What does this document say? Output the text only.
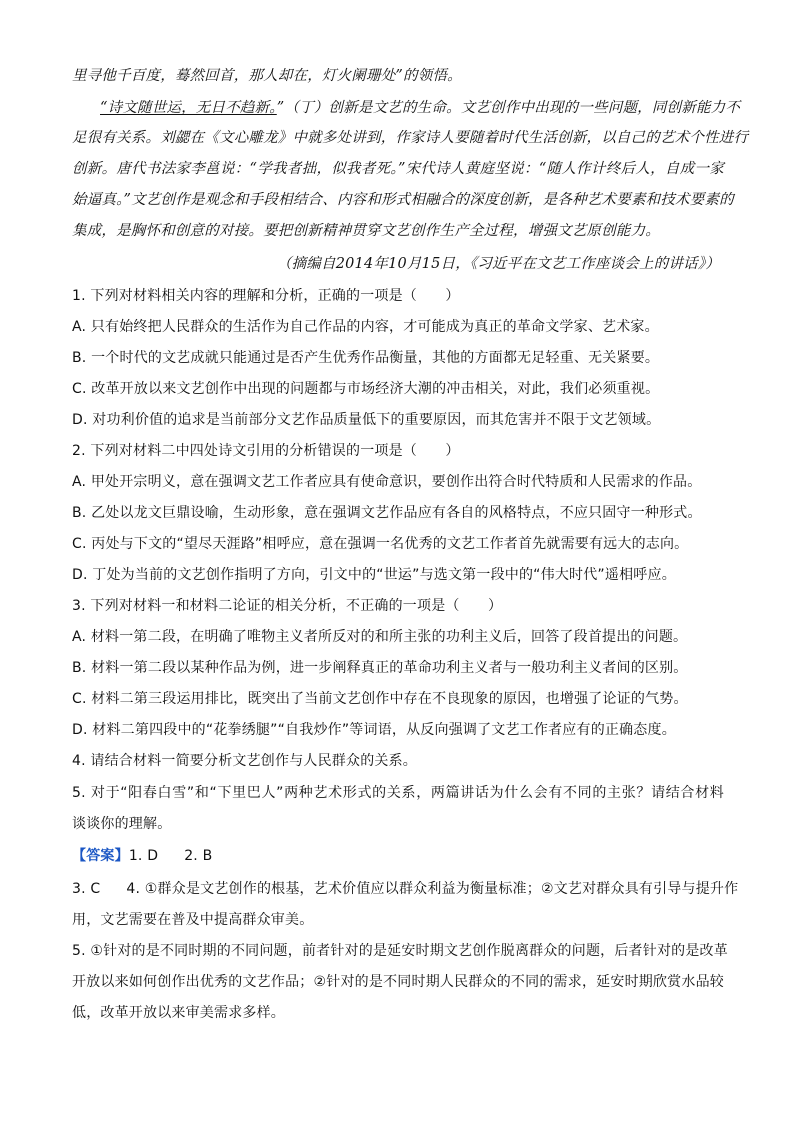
里寻他千百度，蓦然回首，那人却在，灯火阑珊处”的领悟。
“诗文随世运，无日不趋新。”（丁）创新是文艺的生命。文艺创作中出现的一些问题，同创新能力不
足很有关系。刘勰在《文心雕龙》中就多处讲到，作家诗人要随着时代生活创新，以自己的艺术个性进行
创新。唐代书法家李邕说：“学我者拙，似我者死。”宋代诗人黄庭坚说：“随人作计终后人，自成一家
始逼真。”文艺创作是观念和手段相结合、内容和形式相融合的深度创新，是各种艺术要素和技术要素的
集成，是胸怀和创意的对接。要把创新精神贯穿文艺创作生产全过程，增强文艺原创能力。
（摘编自2014年10月15日，《习近平在文艺工作座谈会上的讲话》）
1. 下列对材料相关内容的理解和分析，正确的一项是（　　）
A. 只有始终把人民群众的生活作为自己作品的内容，才可能成为真正的革命文学家、艺术家。
B. 一个时代的文艺成就只能通过是否产生优秀作品衡量，其他的方面都无足轻重、无关紧要。
C. 改革开放以来文艺创作中出现的问题都与市场经济大潮的冲击相关，对此，我们必须重视。
D. 对功利价值的追求是当前部分文艺作品质量低下的重要原因，而其危害并不限于文艺领域。
2. 下列对材料二中四处诗文引用的分析错误的一项是（　　）
A. 甲处开宗明义，意在强调文艺工作者应具有使命意识，要创作出符合时代特质和人民需求的作品。
B. 乙处以龙文巨鼎设喻，生动形象，意在强调文艺作品应有各自的风格特点，不应只固守一种形式。
C. 丙处与下文的“望尽天涯路”相呼应，意在强调一名优秀的文艺工作者首先就需要有远大的志向。
D. 丁处为当前的文艺创作指明了方向，引文中的“世运”与选文第一段中的“伟大时代”遥相呼应。
3. 下列对材料一和材料二论证的相关分析，不正确的一项是（　　）
A. 材料一第二段，在明确了唯物主义者所反对的和所主张的功利主义后，回答了段首提出的问题。
B. 材料一第二段以某种作品为例，进一步阐释真正的革命功利主义者与一般功利主义者间的区别。
C. 材料二第三段运用排比，既突出了当前文艺创作中存在不良现象的原因，也增强了论证的气势。
D. 材料二第四段中的“花拳绣腿”“自我炒作”等词语，从反向强调了文艺工作者应有的正确态度。
4. 请结合材料一简要分析文艺创作与人民群众的关系。
5. 对于“阳春白雪”和“下里巴人”两种艺术形式的关系，两篇讲话为什么会有不同的主张？请结合材料
谈谈你的理解。
【答案】1. D 2. B
3. C 4. ①群众是文艺创作的根基，艺术价值应以群众利益为衡量标准；②文艺对群众具有引导与提升作
用，文艺需要在普及中提高群众审美。
5. ①针对的是不同时期的不同问题，前者针对的是延安时期文艺创作脱离群众的问题，后者针对的是改革
开放以来如何创作出优秀的文艺作品；②针对的是不同时期人民群众的不同的需求，延安时期欣赏水品较
低，改革开放以来审美需求多样。
